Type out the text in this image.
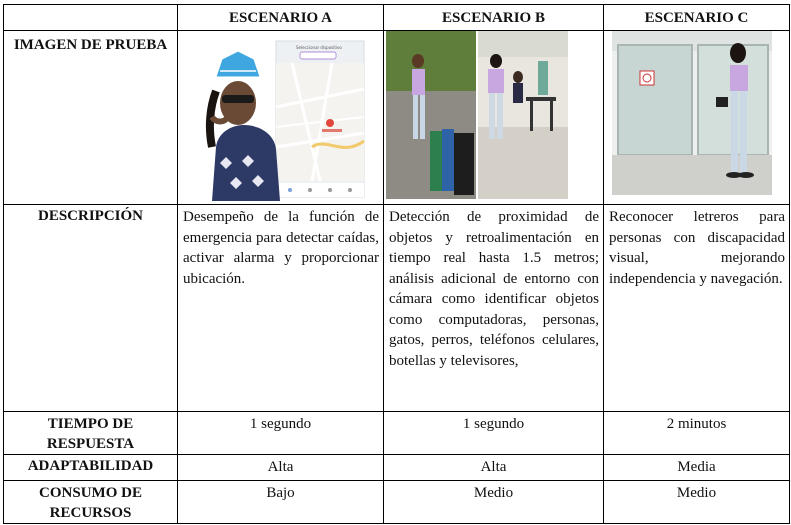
	ESCENARIO A	ESCENARIO B	ESCENARIO C
IMAGEN DE PRUEBA	Seleccionar dispositivo

DESCRIPCIÓN	Desempeño de la función de emergencia para detectar caídas, activar alarma y proporcionar ubicación.	Detección de proximidad de objetos y retroalimentación en tiempo real hasta 1.5 metros; análisis adicional de entorno con cámara como identificar objetos como computadoras, personas, gatos, perros, teléfonos celulares, botellas y televisores,	Reconocer letreros para personas con discapacidad visual, mejorando independencia y navegación.
TIEMPO DE RESPUESTA	1 segundo	1 segundo	2 minutos
ADAPTABILIDAD	Alta	Alta	Media
CONSUMO DE RECURSOS	Bajo	Medio	Medio
